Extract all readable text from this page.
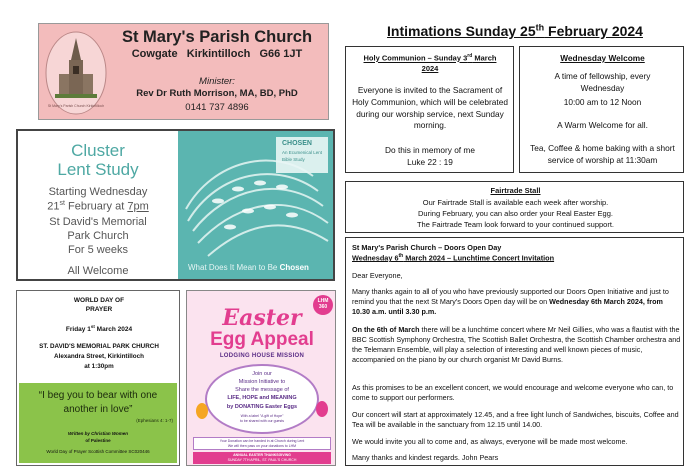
St Mary's Parish Church Kirkintilloch
St Mary's Parish Church
Cowgate   Kirkintilloch   G66 1JT
Minister:
Rev Dr Ruth Morrison, MA, BD, PhD
0141 737 4896
Intimations Sunday 25th February 2024
CHOSEN
An Ecumenical Lent
Bible Study
What Does It Mean to Be Chosen
Cluster
Lent Study
Starting Wednesday
21st February at 7pm
St David's Memorial
Park Church
For 5 weeks
All Welcome
Holy Communion – Sunday 3rd March
2024
Everyone is invited to the Sacrament of Holy Communion, which will be celebrated during our worship service, next Sunday morning.
Do this in memory of me
Luke 22 : 19
Wednesday Welcome
A time of fellowship, every Wednesday
10:00 am to 12 Noon
A Warm Welcome for all.
Tea, Coffee & home baking with a short service of worship at 11:30am
Fairtrade Stall
Our Fairtrade Stall is available each week after worship.
During February, you can also order your Real Easter Egg.
The Fairtrade Team look forward to your continued support.
WORLD DAY OF
PRAYER
Friday 1st March 2024
ST. DAVID'S MEMORIAL PARK CHURCH
Alexandra Street, Kirkintilloch
at 1:30pm
“I beg you to bear with one another in love”
(Ephesians 4: 1-7)
Written by Christian Women
of Palestine
World Day of Prayer Scottish Committee SC020446
LHM
360
Easter
Egg Appeal
LODGING HOUSE MISSION
Join our
Mission Initiative to
Share the message of
LIFE, HOPE and MEANING
by DONATING Easter Eggs
With a label "A gift of Hope"
to be shared with our guests
Your Donation can be handed in at Church during Lent
We will then pass on your donations to LHM
ANNUAL EASTER THANKSGIVING
SUNDAY 7TH APRIL, ST. PAUL'S CHURCH
St Mary's Parish Church – Doors Open Day
Wednesday 6th March 2024 – Lunchtime Concert Invitation
Dear Everyone,
Many thanks again to all of you who have previously supported our Doors Open Initiative and just to remind you that the next St Mary's Doors Open day will be on Wednesday 6th March 2024, from 10.30 a.m. until 3.30 p.m.
On the 6th of March there will be a lunchtime concert where Mr Neil Gillies, who was a flautist with the BBC Scottish Symphony Orchestra, The Scottish Ballet Orchestra, the Scottish Chamber orchestra and the Telemann Ensemble, will play a selection of interesting and well known pieces of music, accompanied on the piano by our church organist Mr David Burns.
As this promises to be an excellent concert, we would encourage and welcome everyone who can, to come to support our performers.
Our concert will start at approximately 12.45, and a free light lunch of Sandwiches, biscuits, Coffee and Tea will be available in the sanctuary from 12.15 until 14.00.
We would invite you all to come and, as always, everyone will be made most welcome.
Many thanks and kindest regards. John Pears
